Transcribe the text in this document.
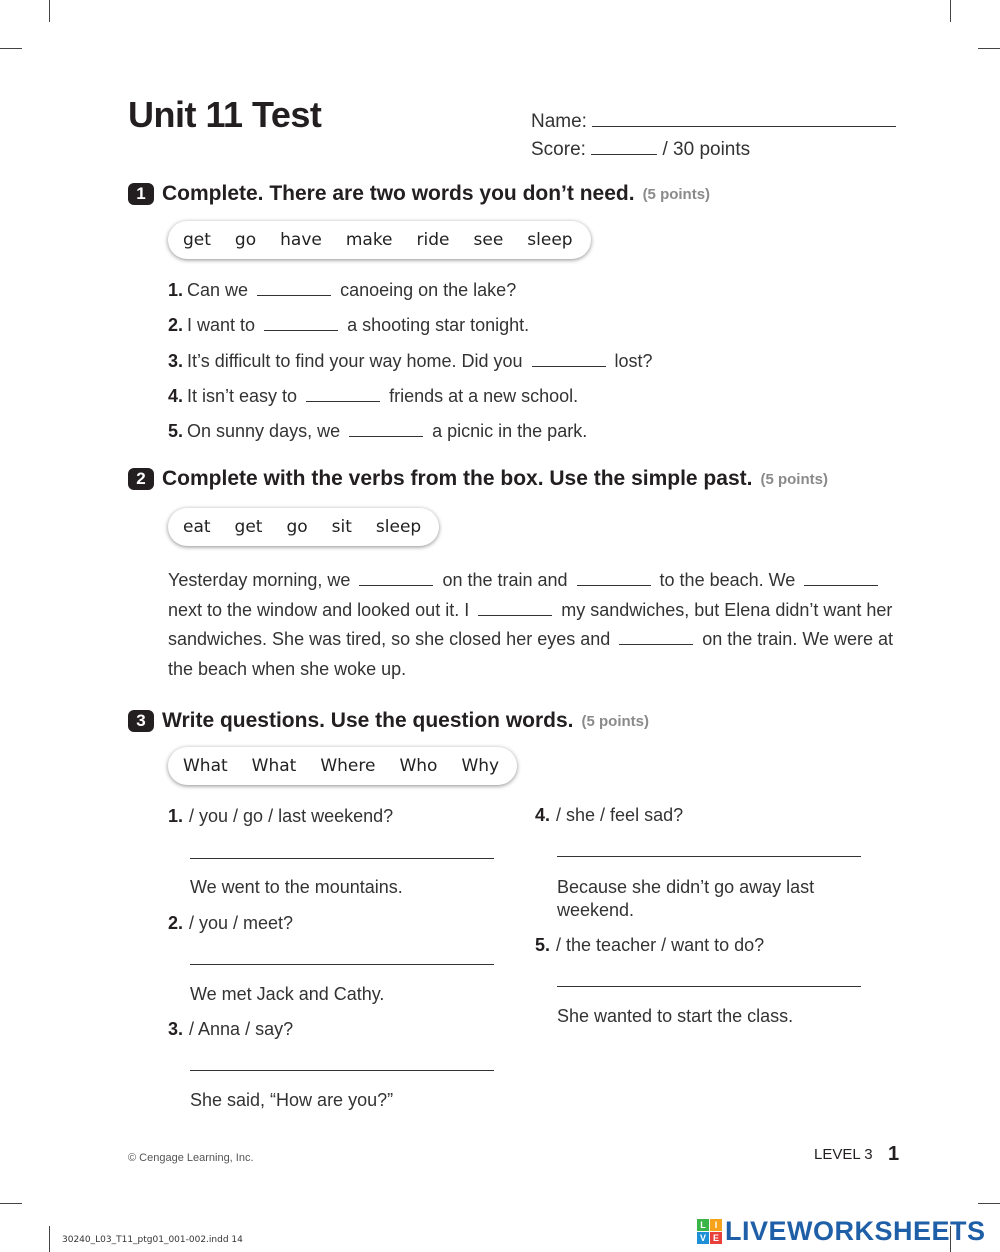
Unit 11 Test	Name:
Score:	/ 30 points
1 Complete. There are two words you don’t need. (5 points)
get go have make ride see sleep
1. Can we	canoeing on the lake?
2. I want to	a shooting star tonight.
3. It’s difficult to find your way home. Did you	lost?
4. It isn’t easy to	friends at a new school.
5. On sunny days, we	a picnic in the park.
2 Complete with the verbs from the box. Use the simple past. (5 points)
eat get go sit sleep
Yesterday morning, we	on the train and	to the beach. We  next to the window and looked out it. I	my sandwiches, but Elena didn’t want her sandwiches. She was tired, so she closed her eyes and	on the train. We were at the beach when she woke up.
3 Write questions. Use the question words. (5 points)
What What Where Who Why
1. / you / go / last weekend?
We went to the mountains.
2. / you / meet?
We met Jack and Cathy.
3. / Anna / say?
She said, “How are you?”
4. / she / feel sad?
Because she didn’t go away last weekend.
5. / the teacher / want to do?
She wanted to start the class.
© Cengage Learning, Inc.	LEVEL 3 1
30240_L03_T11_ptg01_001-002.indd 14
L I
V E LIVEWORKSHEETS
